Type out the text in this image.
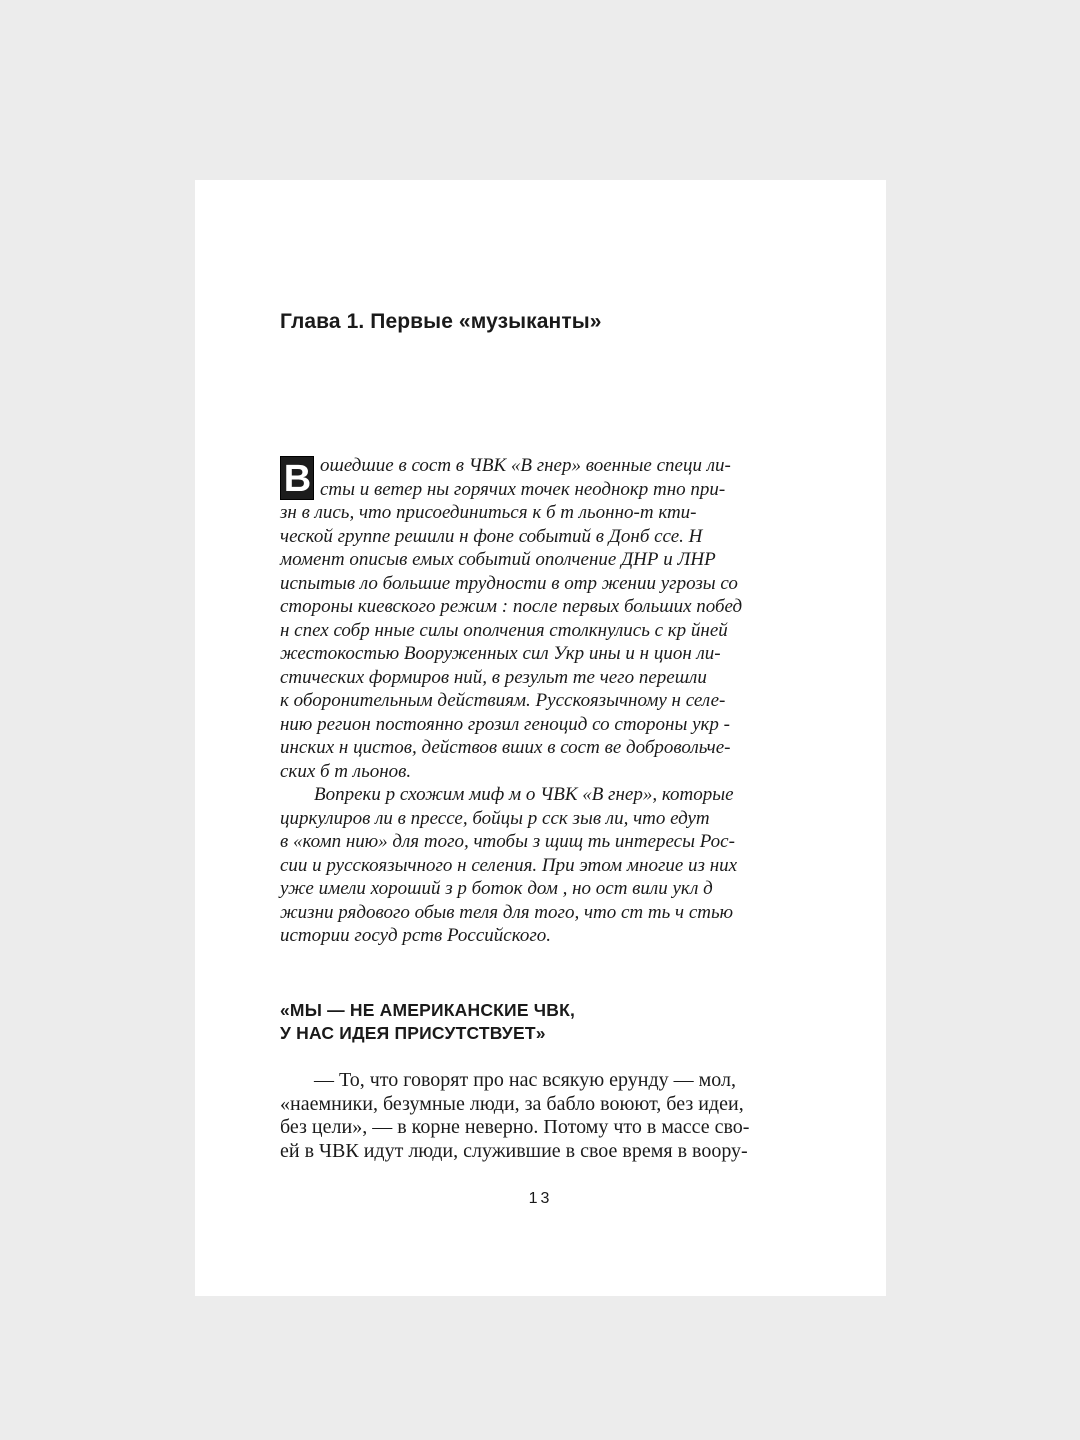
Глава 1. Первые «музыканты»

В ошедшие в сост в ЧВК «В гнер» военные специ ли-
сты и ветер ны горячих точек неоднокр тно при-
зн в лись, что присоединиться к б т льонно-т кти-
ческой группе решили н фоне событий в Донб ссе. Н
момент описыв емых событий ополчение ДНР и ЛНР
испытыв ло большие трудности в отр жении угрозы со
стороны киевского режим : после первых больших побед
н спех собр нные силы ополчения столкнулись с кр йней
жестокостью Вооруженных сил Укр ины и н цион ли-
стических формиров ний, в результ те чего перешли
к оборонительным действиям. Русскоязычному н селе-
нию регион постоянно грозил геноцид со стороны укр -
инских н цистов, действов вших в сост ве добровольче-
ских б т льонов.

Вопреки р схожим миф м о ЧВК «В гнер», которые
циркулиров ли в прессе, бойцы р сск зыв ли, что едут
в «комп нию» для того, чтобы з щищ ть интересы Рос-
сии и русскоязычного н селения. При этом многие из них
уже имели хороший з р боток дом , но ост вили укл д
жизни рядового обыв теля для того, что ст ть ч стью
истории госуд рств Российского.

«МЫ — НЕ АМЕРИКАНСКИЕ ЧВК,
У НАС ИДЕЯ ПРИСУТСТВУЕТ»

— То, что говорят про нас всякую ерунду — мол,
«наемники, безумные люди, за бабло воюют, без идеи,
без цели», — в корне неверно. Потому что в массе сво-
ей в ЧВК идут люди, служившие в свое время в воору-

13
